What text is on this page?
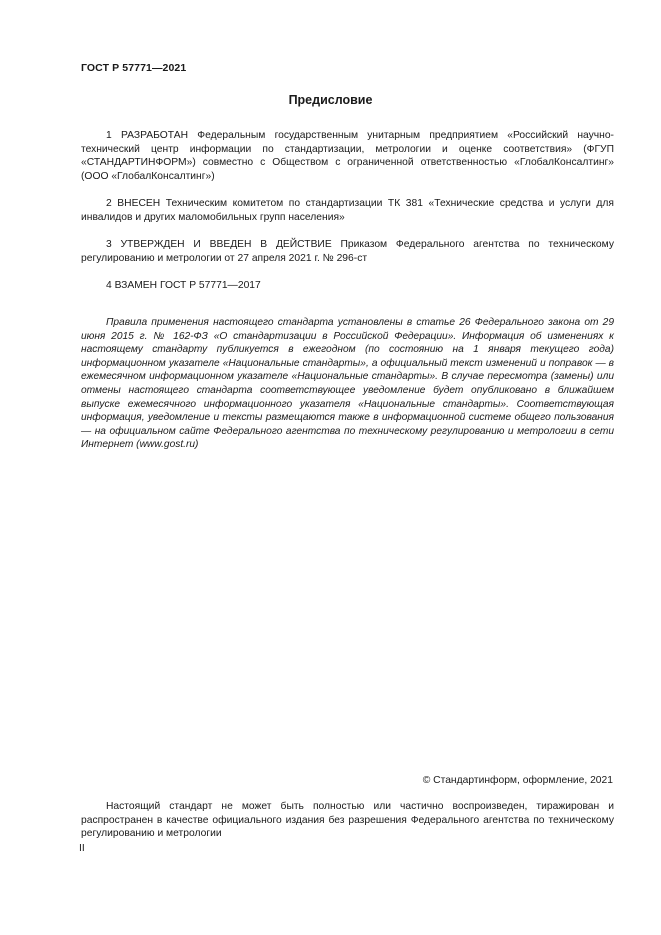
ГОСТ Р 57771—2021
Предисловие
1 РАЗРАБОТАН Федеральным государственным унитарным предприятием «Российский научно-технический центр информации по стандартизации, метрологии и оценке соответствия» (ФГУП «СТАНДАРТИНФОРМ») совместно с Обществом с ограниченной ответственностью «ГлобалКонсалтинг» (ООО «ГлобалКонсалтинг»)
2 ВНЕСЕН Техническим комитетом по стандартизации ТК 381 «Технические средства и услуги для инвалидов и других маломобильных групп населения»
3 УТВЕРЖДЕН И ВВЕДЕН В ДЕЙСТВИЕ Приказом Федерального агентства по техническому регулированию и метрологии от 27 апреля 2021 г. № 296-ст
4 ВЗАМЕН ГОСТ Р 57771—2017
Правила применения настоящего стандарта установлены в статье 26 Федерального закона от 29 июня 2015 г. № 162-ФЗ «О стандартизации в Российской Федерации». Информация об изменениях к настоящему стандарту публикуется в ежегодном (по состоянию на 1 января текущего года) информационном указателе «Национальные стандарты», а официальный текст изменений и поправок — в ежемесячном информационном указателе «Национальные стандарты». В случае пересмотра (замены) или отмены настоящего стандарта соответствующее уведомление будет опубликовано в ближайшем выпуске ежемесячного информационного указателя «Национальные стандарты». Соответствующая информация, уведомление и тексты размещаются также в информационной системе общего пользования — на официальном сайте Федерального агентства по техническому регулированию и метрологии в сети Интернет (www.gost.ru)
© Стандартинформ, оформление, 2021
Настоящий стандарт не может быть полностью или частично воспроизведен, тиражирован и распространен в качестве официального издания без разрешения Федерального агентства по техническому регулированию и метрологии
II
